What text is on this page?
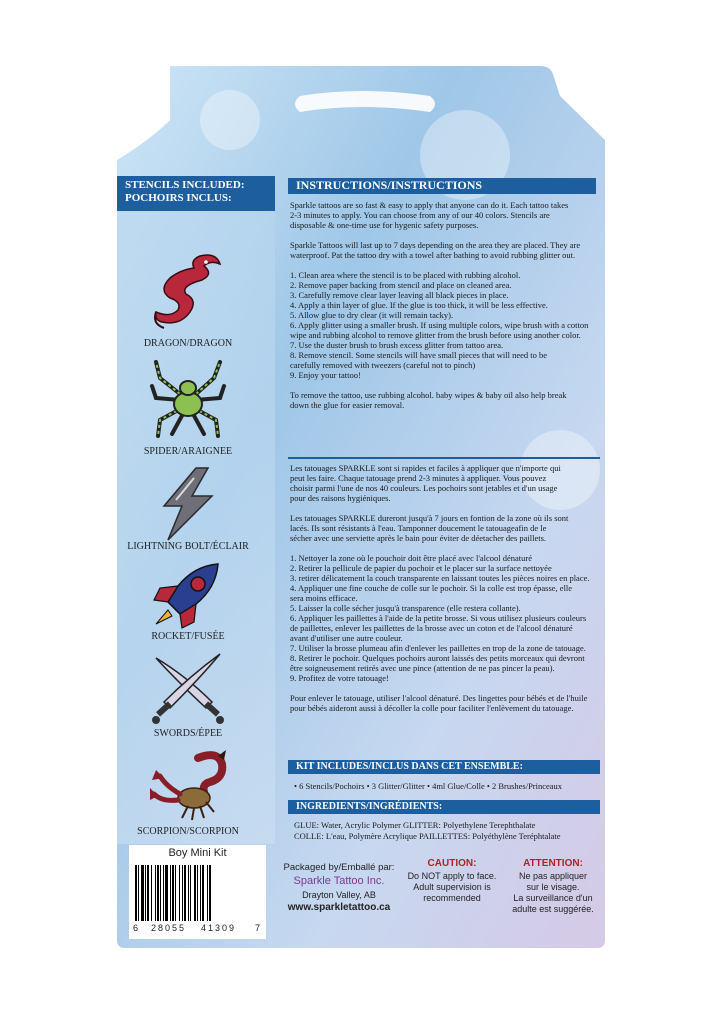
STENCILS INCLUDED:
POCHOIRS INCLUS:
DRAGON/DRAGON
SPIDER/ARAIGNEE
LIGHTNING BOLT/ÉCLAIR
ROCKET/FUSÉE
SWORDS/ÉPEE
SCORPION/SCORPION
Boy Mini Kit
6 28055 41309 7
INSTRUCTIONS/INSTRUCTIONS

Sparkle tattoos are so fast & easy to apply that anyone can do it. Each tattoo takes
2-3 minutes to apply. You can choose from any of our 40 colors. Stencils are
disposable & one-time use for hygenic safety purposes.

Sparkle Tattoos will last up to 7 days depending on the area they are placed. They are
waterproof. Pat the tattoo dry with a towel after bathing to avoid rubbing glitter out.

1. Clean area where the stencil is to be placed with rubbing alcohol.
2. Remove paper backing from stencil and place on cleaned area.
3. Carefully remove clear layer leaving all black pieces in place.
4. Apply a thin layer of glue. If the glue is too thick, it will be less effective.
5. Allow glue to dry clear (it will remain tacky).
6. Apply glitter using a smaller brush. If using multiple colors, wipe brush with a cotton
wipe and rubbing alcohol to remove glitter from the brush before using another color.
7. Use the duster brush to brush excess glitter from tattoo area.
8. Remove stencil. Some stencils will have small pieces that will need to be
carefully removed with tweezers (careful not to pinch)
9. Enjoy your tattoo!

To remove the tattoo, use rubbing alcohol. baby wipes & baby oil also help break
down the glue for easier removal.

Les tatouages SPARKLE sont si rapides et faciles à appliquer que n'importe qui
peut les faire. Chaque tatouage prend 2-3 minutes à appliquer. Vous pouvez
choisir parmi l'une de nos 40 couleurs. Les pochoirs sont jetables et d'un usage
pour des raisons hygiéniques.

Les tatouages SPARKLE dureront jusqu'à 7 jours en fontion de la zone où ils sont
lacés. Ils sont résistants à l'eau. Tamponner doucement le tatouageafin de le
sécher avec une serviette après le bain pour éviter de déetacher des paillets.

1. Nettoyer la zone où le pouchoir doit être placé avec l'alcool dénaturé
2. Retirer la pellicule de papier du pochoir et le placer sur la surface nettoyée
3. retirer délicatement la couch transparente en laissant toutes les pièces noires en place.
4. Appliquer une fine couche de colle sur le pochoir. Si la colle est trop épasse, elle
sera moins efficace.
5. Laisser la colle sécher jusqu'à transparence (elle restera collante).
6. Appliquer les paillettes à l'aide de la petite brosse. Si vous utilisez plusieurs couleurs
de paillettes, enlever les paillettes de la brosse avec un coton et de l'alcool dénaturé
avant d'utiliser une autre couleur.
7. Utiliser la brosse plumeau afin d'enlever les paillettes en trop de la zone de tatouage.
8. Retirer le pochoir. Quelques pochoirs auront laissés des petits morceaux qui devront
être soigneusement retirés avec une pince (attention de ne pas pincer la peau).
9. Profitez de votre tatouage!

Pour enlever le tatouage, utiliser l'alcool dénaturé. Des lingettes pour bébés et de l'huile
pour bébés aideront aussi à décoller la colle pour faciliter l'enlèvement du tatouage.

KIT INCLUDES/INCLUS DANS CET ENSEMBLE:
• 6 Stencils/Pochoirs • 3 Glitter/Glitter • 4ml Glue/Colle • 2 Brushes/Princeaux
INGREDIENTS/INGRÉDIENTS:
GLUE: Water, Acrylic Polymer GLITTER: Polyethylene Terephthalate
COLLE: L'eau, Polymère Acrylique PAILLETTES: Polyéthylène Teréphtalate
Packaged by/Emballé par:
Sparkle Tattoo Inc.
Drayton Valley, AB
www.sparkletattoo.ca
CAUTION:
Do NOT apply to face.
Adult supervision is
recommended
ATTENTION:
Ne pas appliquer
sur le visage.
La surveillance d'un
adulte est suggérée.
